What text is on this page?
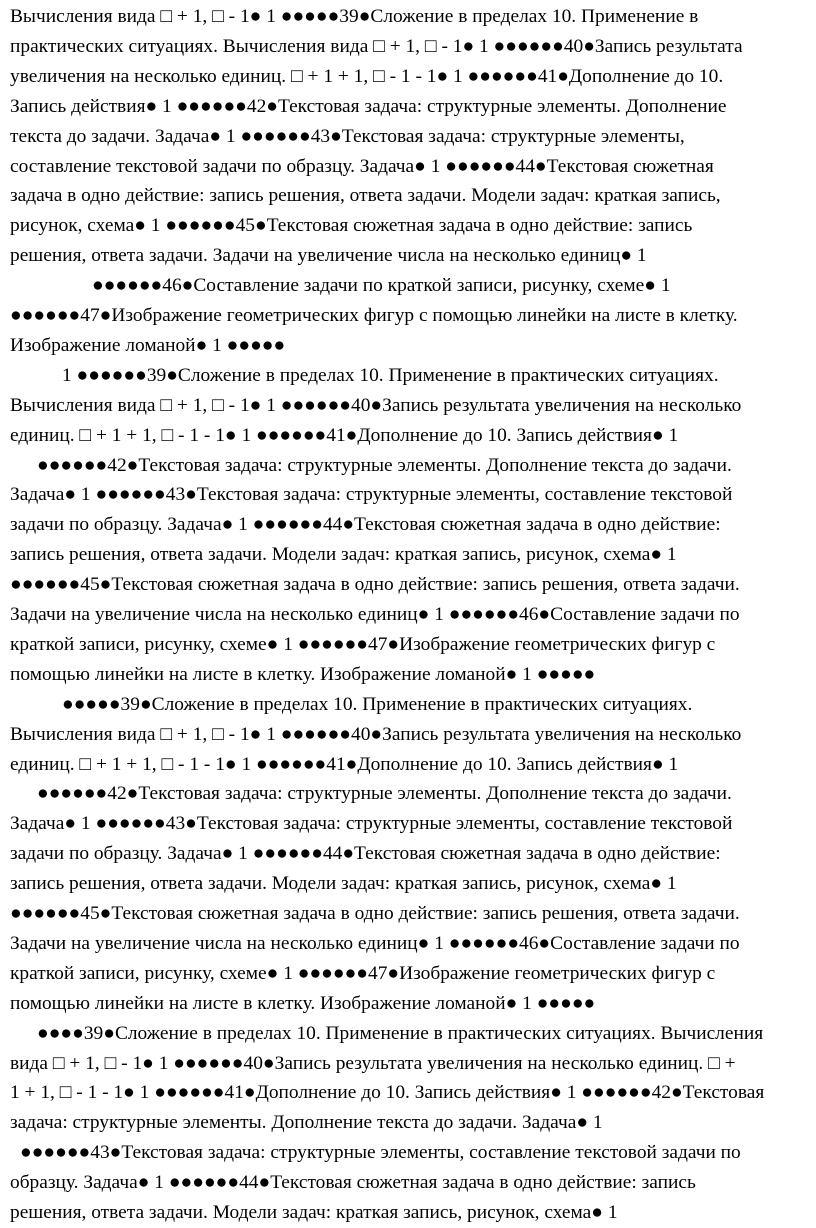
Вычисления вида □ + 1, □ - 1● 1 ●●●●●39●Сложение в пределах 10. Применение в
практических ситуациях. Вычисления вида □ + 1, □ - 1● 1 ●●●●●●40●Запись результата
увеличения на несколько единиц. □ + 1 + 1, □ - 1 - 1● 1 ●●●●●●41●Дополнение до 10.
Запись действия● 1 ●●●●●●42●Текстовая задача: структурные элементы. Дополнение
текста до задачи. Задача● 1 ●●●●●●43●Текстовая задача: структурные элементы,
составление текстовой задачи по образцу. Задача● 1 ●●●●●●44●Текстовая сюжетная
задача в одно действие: запись решения, ответа задачи. Модели задач: краткая запись,
рисунок, схема● 1 ●●●●●●45●Текстовая сюжетная задача в одно действие: запись
решения, ответа задачи. Задачи на увеличение числа на несколько единиц● 1
●●●●●●46●Составление задачи по краткой записи, рисунку, схеме● 1
●●●●●●47●Изображение геометрических фигур с помощью линейки на листе в клетку.
Изображение ломаной● 1 ●●●●●
1 ●●●●●●39●Сложение в пределах 10. Применение в практических ситуациях.
Вычисления вида □ + 1, □ - 1● 1 ●●●●●●40●Запись результата увеличения на несколько
единиц. □ + 1 + 1, □ - 1 - 1● 1 ●●●●●●41●Дополнение до 10. Запись действия● 1
●●●●●●42●Текстовая задача: структурные элементы. Дополнение текста до задачи.
Задача● 1 ●●●●●●43●Текстовая задача: структурные элементы, составление текстовой
задачи по образцу. Задача● 1 ●●●●●●44●Текстовая сюжетная задача в одно действие:
запись решения, ответа задачи. Модели задач: краткая запись, рисунок, схема● 1
●●●●●●45●Текстовая сюжетная задача в одно действие: запись решения, ответа задачи.
Задачи на увеличение числа на несколько единиц● 1 ●●●●●●46●Составление задачи по
краткой записи, рисунку, схеме● 1 ●●●●●●47●Изображение геометрических фигур с
помощью линейки на листе в клетку. Изображение ломаной● 1 ●●●●●
●●●●●39●Сложение в пределах 10. Применение в практических ситуациях.
Вычисления вида □ + 1, □ - 1● 1 ●●●●●●40●Запись результата увеличения на несколько
единиц. □ + 1 + 1, □ - 1 - 1● 1 ●●●●●●41●Дополнение до 10. Запись действия● 1
●●●●●●42●Текстовая задача: структурные элементы. Дополнение текста до задачи.
Задача● 1 ●●●●●●43●Текстовая задача: структурные элементы, составление текстовой
задачи по образцу. Задача● 1 ●●●●●●44●Текстовая сюжетная задача в одно действие:
запись решения, ответа задачи. Модели задач: краткая запись, рисунок, схема● 1
●●●●●●45●Текстовая сюжетная задача в одно действие: запись решения, ответа задачи.
Задачи на увеличение числа на несколько единиц● 1 ●●●●●●46●Составление задачи по
краткой записи, рисунку, схеме● 1 ●●●●●●47●Изображение геометрических фигур с
помощью линейки на листе в клетку. Изображение ломаной● 1 ●●●●●
●●●●39●Сложение в пределах 10. Применение в практических ситуациях. Вычисления
вида □ + 1, □ - 1● 1 ●●●●●●40●Запись результата увеличения на несколько единиц. □ +
1 + 1, □ - 1 - 1● 1 ●●●●●●41●Дополнение до 10. Запись действия● 1 ●●●●●●42●Текстовая
задача: структурные элементы. Дополнение текста до задачи. Задача● 1
●●●●●●43●Текстовая задача: структурные элементы, составление текстовой задачи по
образцу. Задача● 1 ●●●●●●44●Текстовая сюжетная задача в одно действие: запись
решения, ответа задачи. Модели задач: краткая запись, рисунок, схема● 1
